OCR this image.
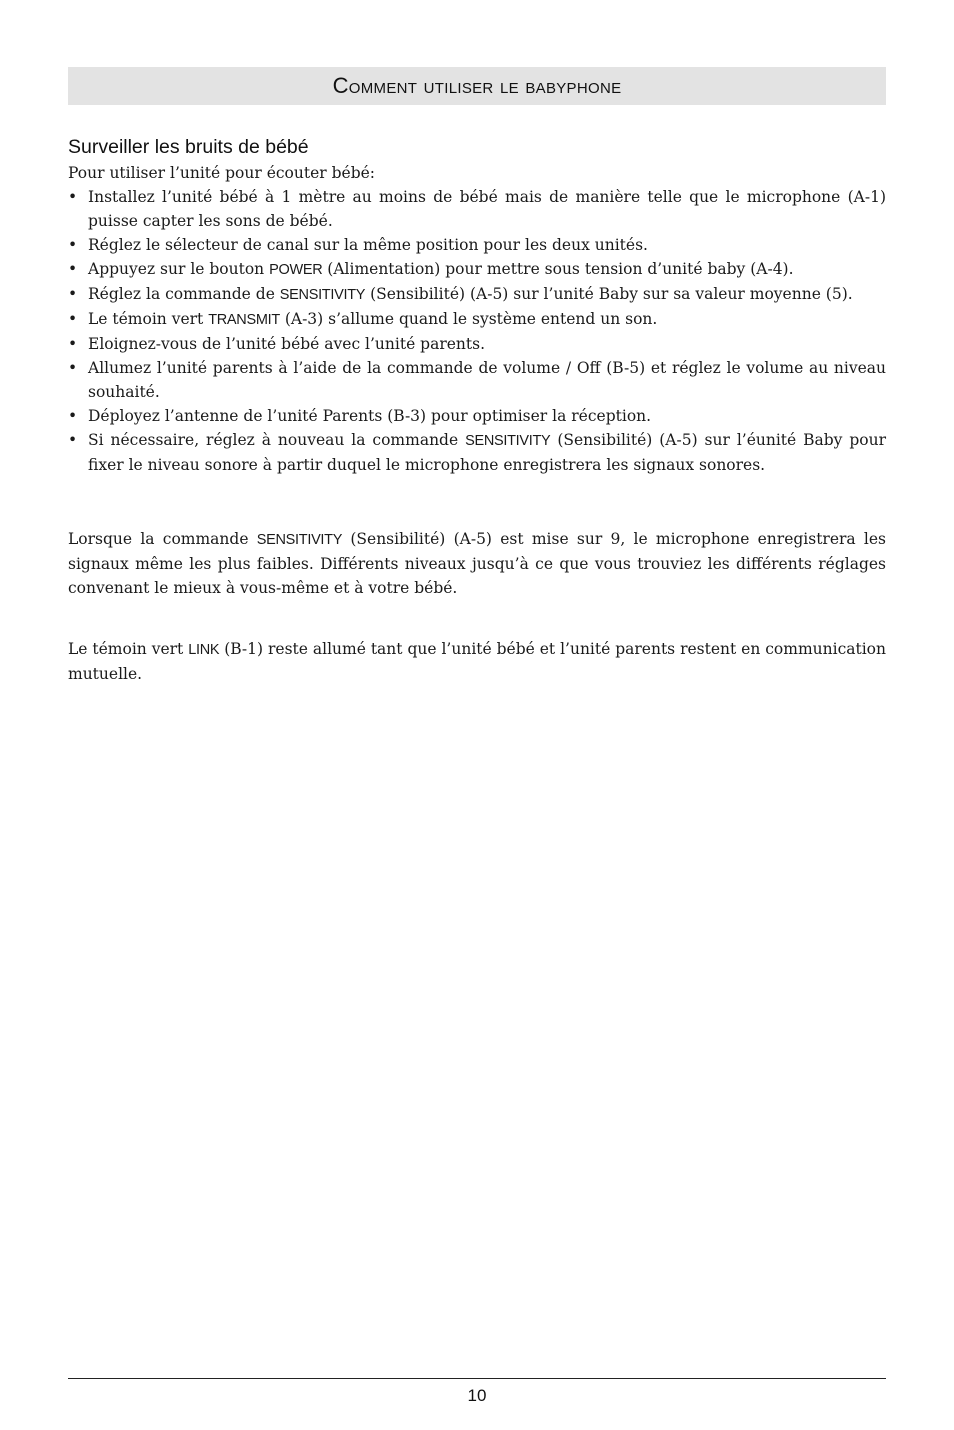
Comment utiliser le babyphone
Surveiller les bruits de bébé
Pour utiliser l’unité pour écouter bébé:
• Installez l’unité bébé à 1 mètre au moins de bébé mais de manière telle que le microphone (A-1) puisse capter les sons de bébé.
• Réglez le sélecteur de canal sur la même position pour les deux unités.
• Appuyez sur le bouton POWER (Alimentation) pour mettre sous tension d’unité baby (A-4).
• Réglez la commande de SENSITIVITY (Sensibilité) (A-5) sur l’unité Baby sur sa valeur moyenne (5).
• Le témoin vert TRANSMIT (A-3) s’allume quand le système entend un son.
• Eloignez-vous de l’unité bébé avec l’unité parents.
• Allumez l’unité parents à l’aide de la commande de volume / Off (B-5) et réglez le volume au niveau souhaité.
• Déployez l’antenne de l’unité Parents (B-3) pour optimiser la réception.
• Si nécessaire, réglez à nouveau la commande SENSITIVITY (Sensibilité) (A-5) sur l’éunité Baby pour fixer le niveau sonore à partir duquel le microphone enregistrera les signaux sonores.

Lorsque la commande SENSITIVITY (Sensibilité) (A-5) est mise sur 9, le microphone enregistrera les signaux même les plus faibles. Différents niveaux jusqu’à ce que vous trouviez les différents réglages convenant le mieux à vous-même et à votre bébé.

Le témoin vert LINK (B-1) reste allumé tant que l’unité bébé et l’unité parents restent en communication mutuelle.

10
